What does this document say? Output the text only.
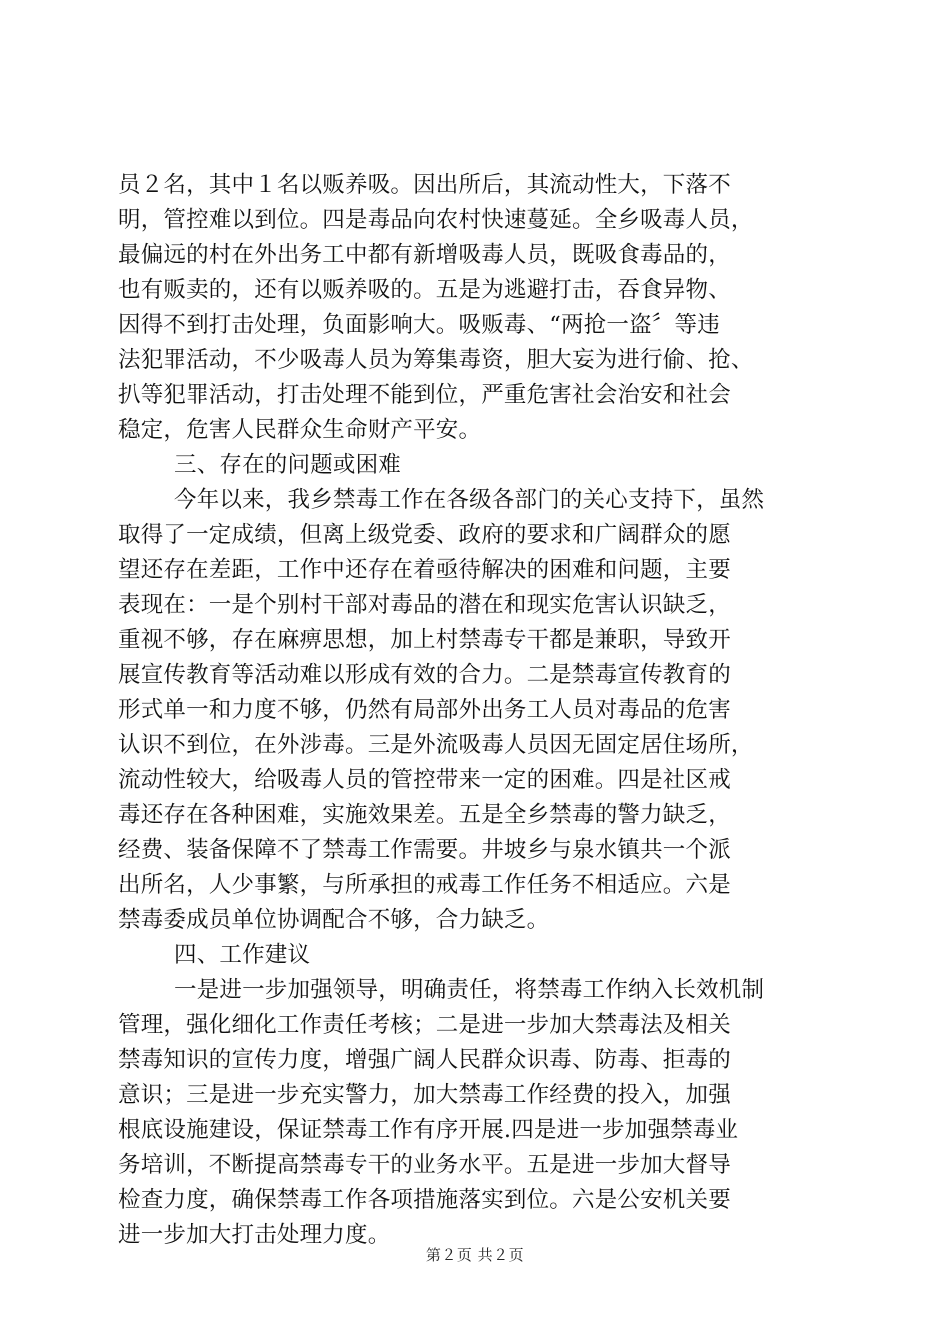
员２名，其中１名以贩养吸。因出所后，其流动性大，下落不
明，管控难以到位。四是毒品向农村快速蔓延。全乡吸毒人员，
最偏远的村在外出务工中都有新增吸毒人员，既吸食毒品的，
也有贩卖的，还有以贩养吸的。五是为逃避打击，吞食异物、
因得不到打击处理，负面影响大。吸贩毒、“两抢一盗〞等违
法犯罪活动，不少吸毒人员为筹集毒资，胆大妄为进行偷、抢、
扒等犯罪活动，打击处理不能到位，严重危害社会治安和社会
稳定，危害人民群众生命财产平安。
三、存在的问题或困难
今年以来，我乡禁毒工作在各级各部门的关心支持下，虽然
取得了一定成绩，但离上级党委、政府的要求和广阔群众的愿
望还存在差距，工作中还存在着亟待解决的困难和问题，主要
表现在：一是个别村干部对毒品的潜在和现实危害认识缺乏，
重视不够，存在麻痹思想，加上村禁毒专干都是兼职，导致开
展宣传教育等活动难以形成有效的合力。二是禁毒宣传教育的
形式单一和力度不够，仍然有局部外出务工人员对毒品的危害
认识不到位，在外涉毒。三是外流吸毒人员因无固定居住场所，
流动性较大，给吸毒人员的管控带来一定的困难。四是社区戒
毒还存在各种困难，实施效果差。五是全乡禁毒的警力缺乏，
经费、装备保障不了禁毒工作需要。井坡乡与泉水镇共一个派
出所名，人少事繁，与所承担的戒毒工作任务不相适应。六是
禁毒委成员单位协调配合不够，合力缺乏。
四、工作建议
一是进一步加强领导，明确责任，将禁毒工作纳入长效机制
管理，强化细化工作责任考核；二是进一步加大禁毒法及相关
禁毒知识的宣传力度，增强广阔人民群众识毒、防毒、拒毒的
意识；三是进一步充实警力，加大禁毒工作经费的投入，加强
根底设施建设，保证禁毒工作有序开展.四是进一步加强禁毒业
务培训，不断提高禁毒专干的业务水平。五是进一步加大督导
检查力度，确保禁毒工作各项措施落实到位。六是公安机关要
进一步加大打击处理力度。
第２页 共２页
